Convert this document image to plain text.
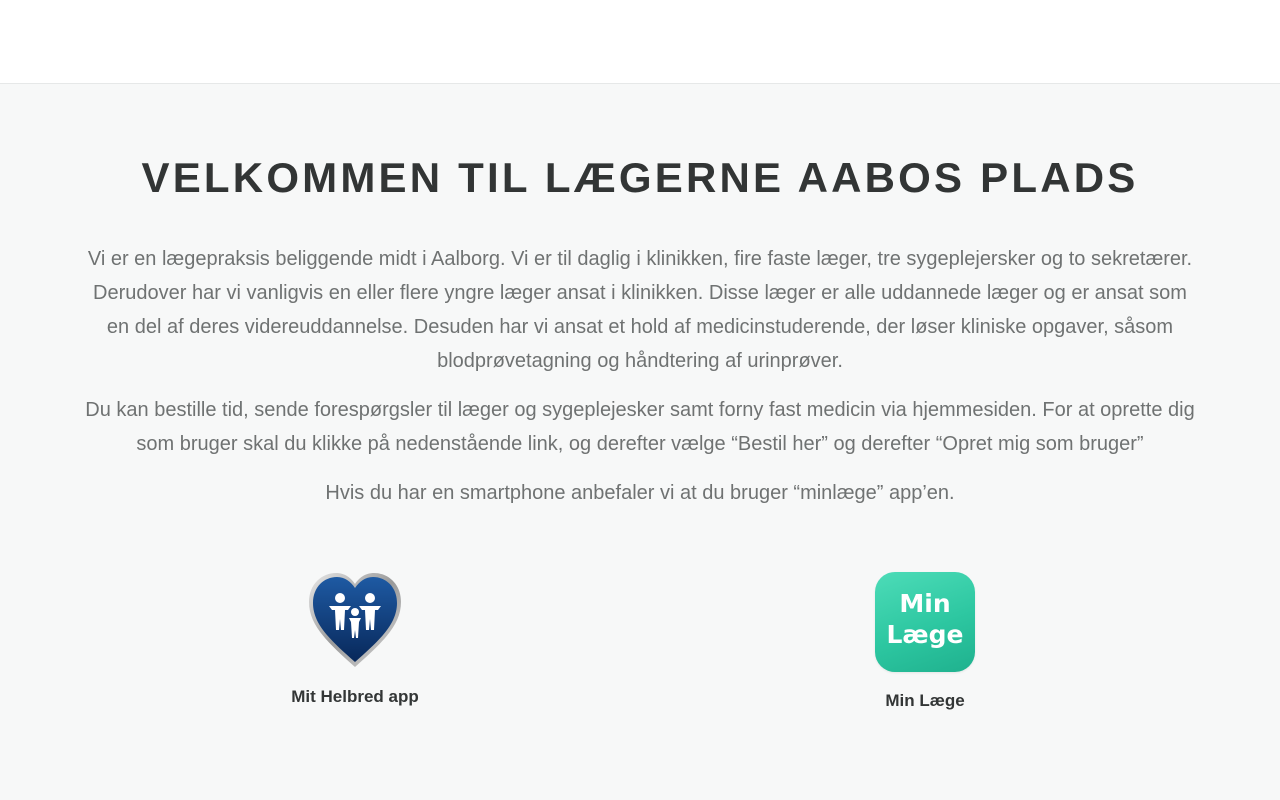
VELKOMMEN TIL LÆGERNE AABOS PLADS

Vi er en lægepraksis beliggende midt i Aalborg. Vi er til daglig i klinikken, fire faste læger, tre sygeplejersker og to sekretærer. Derudover har vi vanligvis en eller flere yngre læger ansat i klinikken. Disse læger er alle uddannede læger og er ansat som en del af deres videreuddannelse. Desuden har vi ansat et hold af medicinstuderende, der løser kliniske opgaver, såsom blodprøvetagning og håndtering af urinprøver.

Du kan bestille tid, sende forespørgsler til læger og sygeplejesker samt forny fast medicin via hjemmesiden. For at oprette dig som bruger skal du klikke på nedenstående link, og derefter vælge “Bestil her” og derefter “Opret mig som bruger”

Hvis du har en smartphone anbefaler vi at du bruger “minlæge” app’en.

Mit Helbred app
Min
Læge
Min Læge
